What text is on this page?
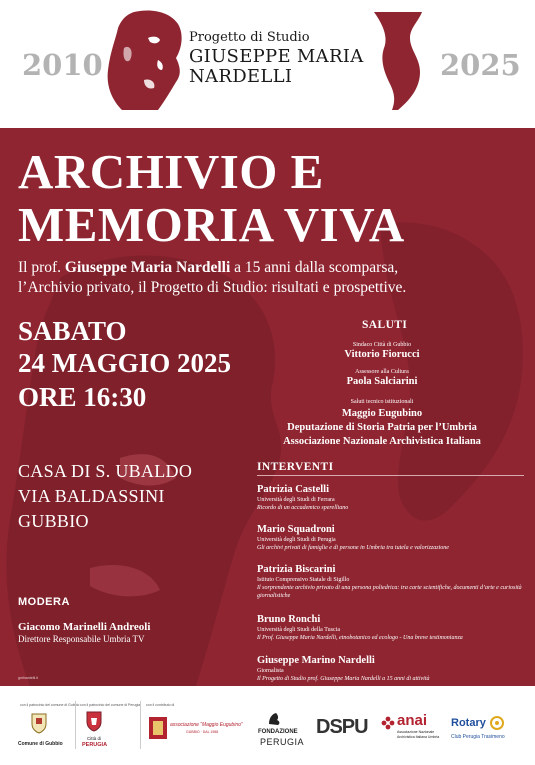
2010	2025
Progetto di Studio
GIUSEPPE MARIA
NARDELLI
ARCHIVIO E
MEMORIA VIVA
Il prof. Giuseppe Maria Nardelli a 15 anni dalla scomparsa,
l’Archivio privato, il Progetto di Studio: risultati e prospettive.
SABATO
24 MAGGIO 2025
ORE 16:30
CASA DI S. UBALDO
VIA BALDASSINI
GUBBIO
MODERA
Giacomo Marinelli Andreoli
Direttore Responsabile Umbria TV
gmfnardelli.it
SALUTI
Sindaco Città di Gubbio
Vittorio Fiorucci
Assessore alla Cultura
Paola Salciarini
Saluti tecnico istituzionali
Maggio Eugubino
Deputazione di Storia Patria per l’Umbria
Associazione Nazionale Archivistica Italiana
INTERVENTI
Patrizia Castelli
Università degli Studi di Ferrara
Ricordo di un accademico sperelliano
Mario Squadroni
Università degli Studi di Perugia
Gli archivi privati di famiglie e di persone in Umbria tra tutela e valorizzazione
Patrizia Biscarini
Istituto Comprensivo Statale di Sigillo
Il sorprendente archivio privato di una persona poliedrica: tra carte scientifiche, documenti d’arte e curiosità giornalistiche
Bruno Ronchi
Università degli Studi della Tuscia
Il Prof. Giuseppe Maria Nardelli, etnobotanico ed ecologo - Una breve testimonianza
Giuseppe Marino Nardelli
Giornalista
Il Progetto di Studio prof. Giuseppe Maria Nardelli a 15 anni di attività
con il patrocinio del comune di Gubbio con il patrocinio del comune di Perugia con il contributo di
Comune di Gubbio
Città di
PERUGIA
associazione “Maggio Eugubino”
GUBBIO · DAL 1958	FONDAZIONE
PERUGIA
DSPU anai
Associazione Nazionale Archivistica Italiana Umbria
Rotary
Club Perugia Trasimeno
